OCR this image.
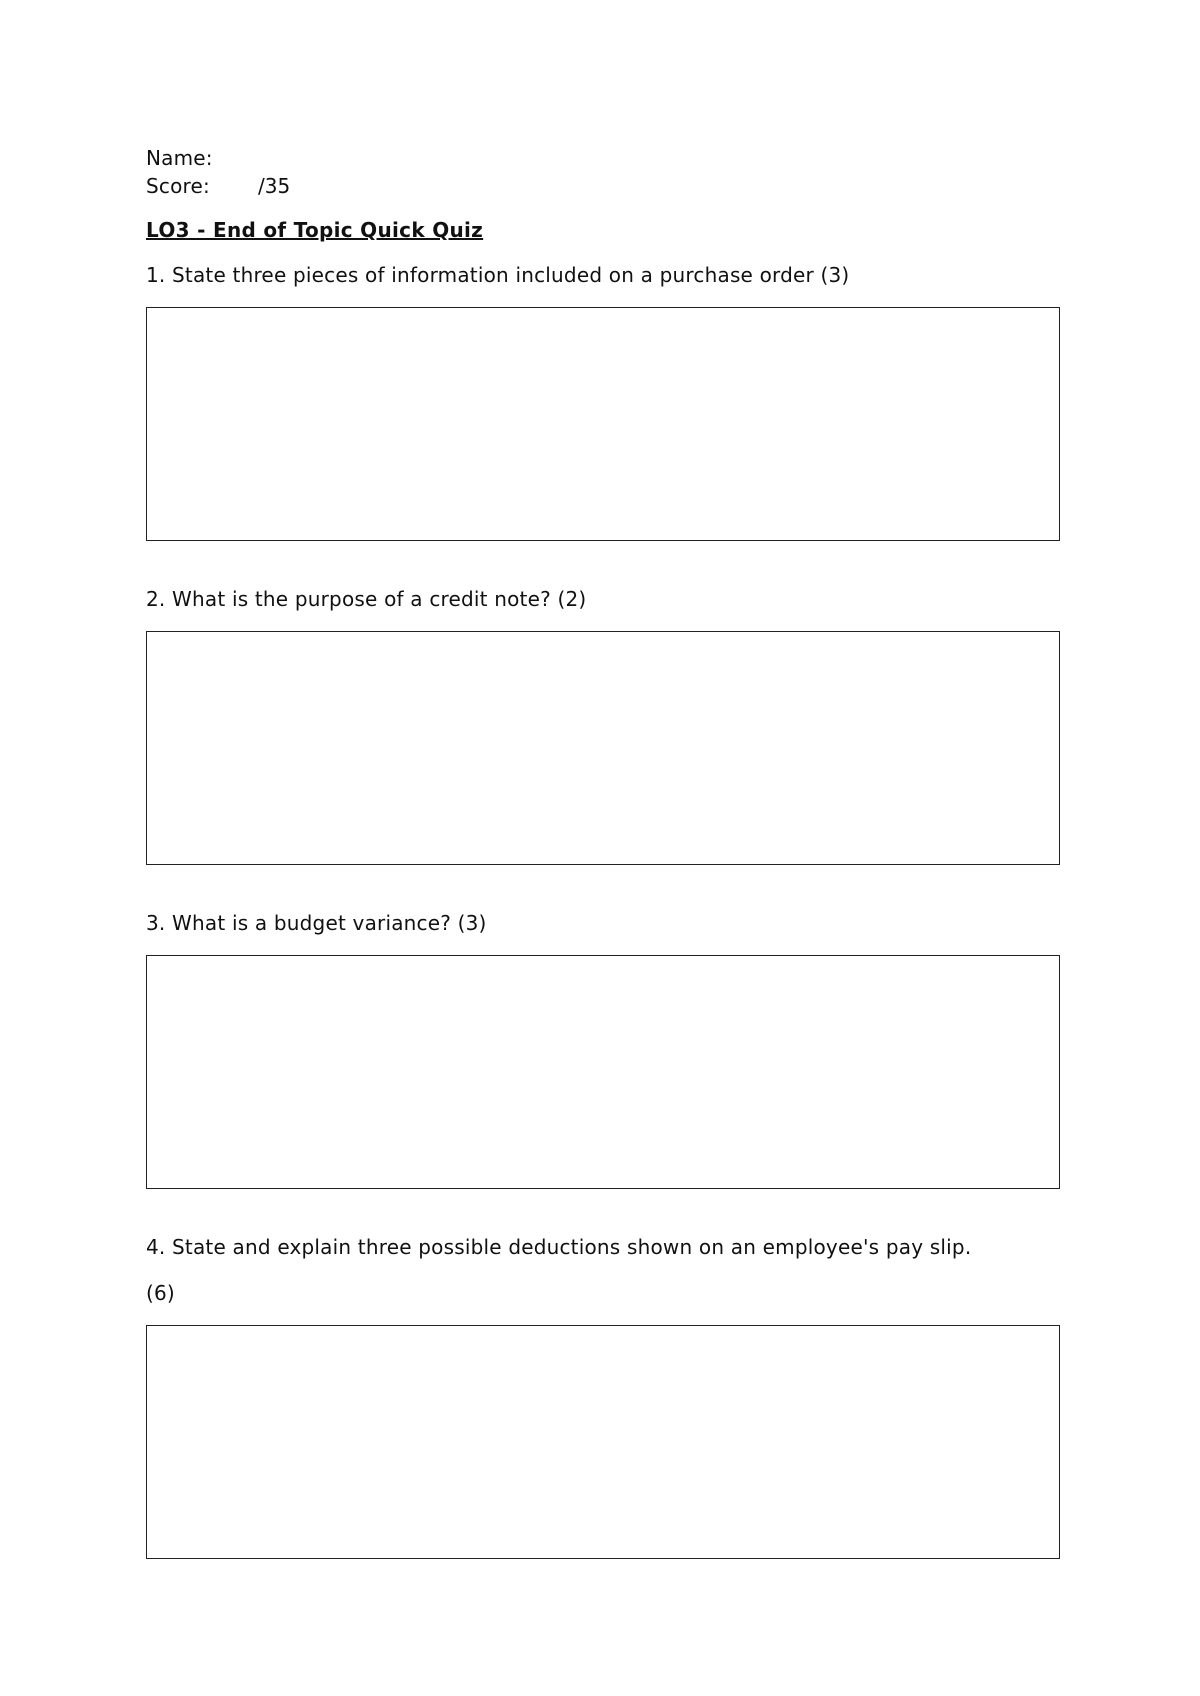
Name:
Score: /35
LO3 - End of Topic Quick Quiz
1. State three pieces of information included on a purchase order (3)
2. What is the purpose of a credit note? (2)
3. What is a budget variance? (3)
4. State and explain three possible deductions shown on an employee's pay slip.
(6)
